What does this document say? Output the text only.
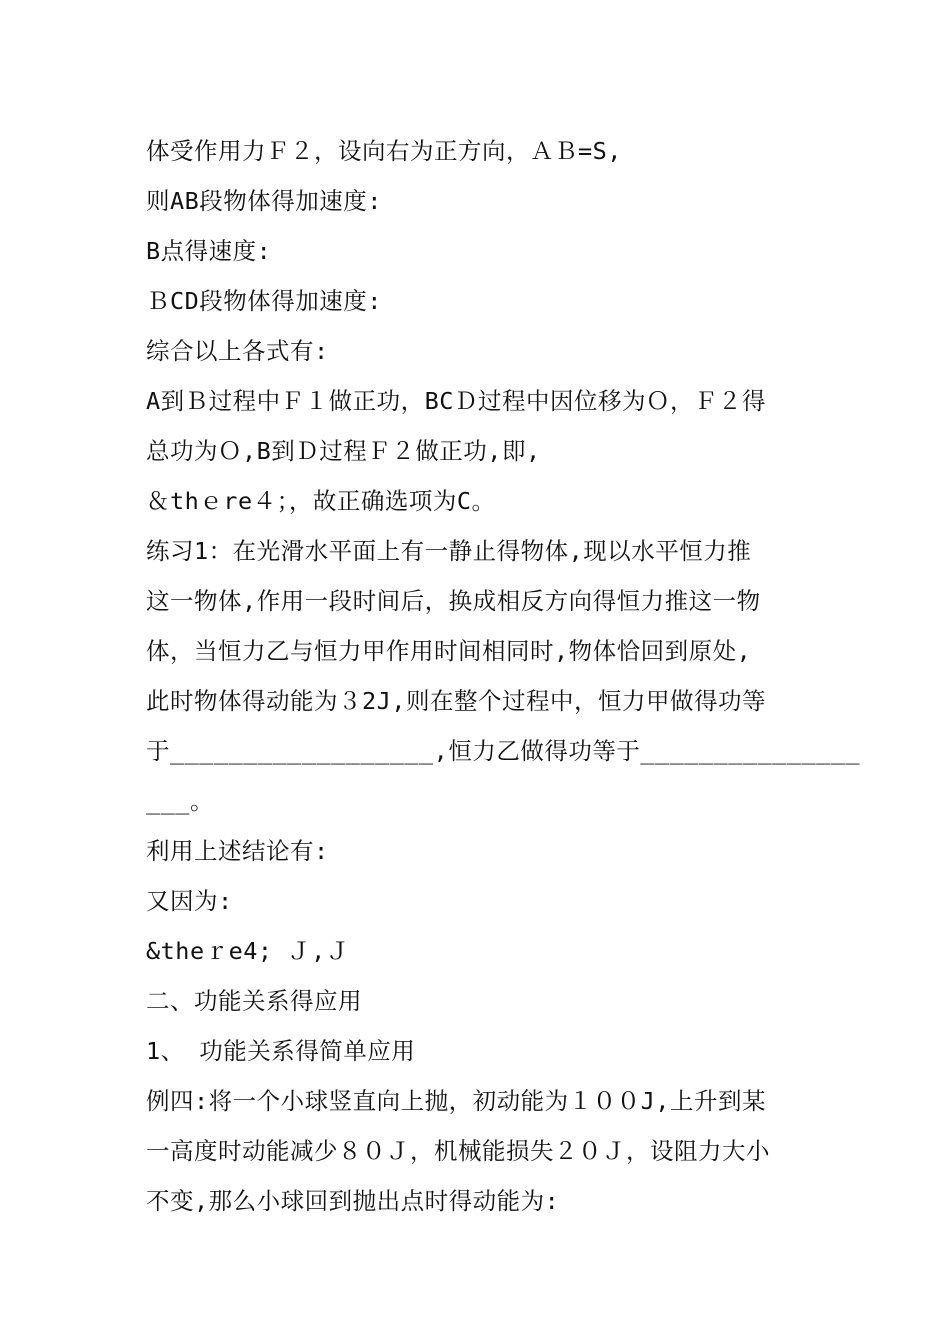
体受作用力Ｆ２，设向右为正方向，ＡＢ=S,
则AB段物体得加速度:
B点得速度:
ＢCD段物体得加速度:
综合以上各式有:
A到Ｂ过程中Ｆ１做正功，BCＤ过程中因位移为Ｏ，Ｆ２得
总功为Ｏ,B到Ｄ过程Ｆ２做正功,即,
＆thｅre４；，故正确选项为C。
练习1：在光滑水平面上有一静止得物体,现以水平恒力推
这一物体,作用一段时间后，换成相反方向得恒力推这一物
体，当恒力乙与恒力甲作用时间相同时,物体恰回到原处,
此时物体得动能为３2J,则在整个过程中，恒力甲做得功等
于__________________,恒力乙做得功等于_______________
___。
利用上述结论有:
又因为:
&theｒe4; Ｊ,Ｊ
二、功能关系得应用
1、 功能关系得简单应用
例四:将一个小球竖直向上抛，初动能为１００J,上升到某
一高度时动能减少８０Ｊ，机械能损失２０Ｊ，设阻力大小
不变,那么小球回到抛出点时得动能为:
